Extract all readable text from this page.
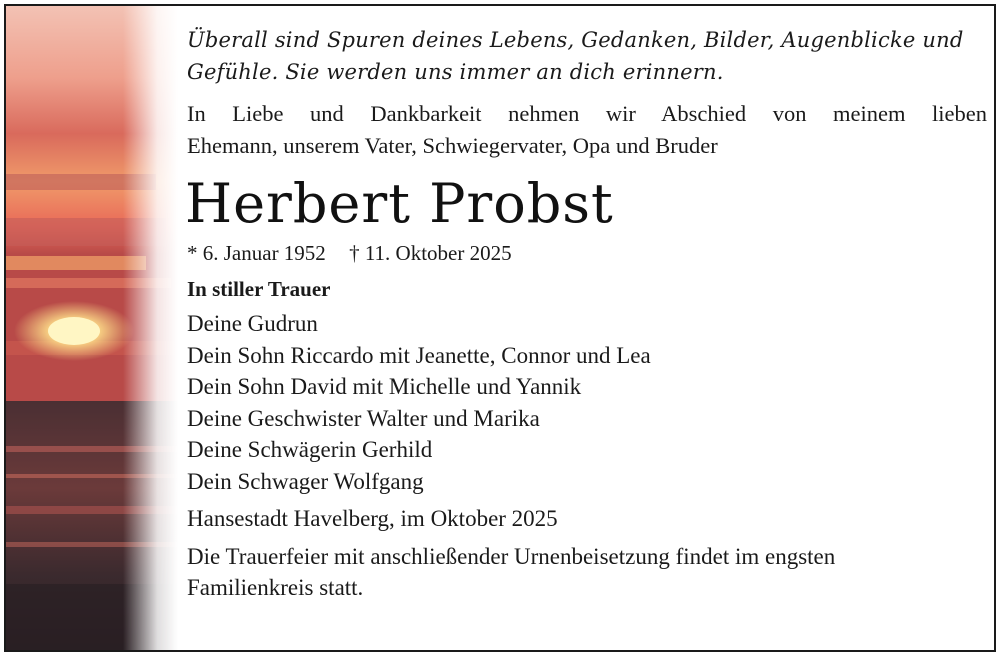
Überall sind Spuren deines Lebens, Gedanken, Bilder, Augenblicke und
Gefühle. Sie werden uns immer an dich erinnern.

In Liebe und Dankbarkeit nehmen wir Abschied von meinem lieben
Ehemann, unserem Vater, Schwiegervater, Opa und Bruder

Herbert Probst

* 6. Januar 1952 † 11. Oktober 2025

In stiller Trauer

Deine Gudrun
Dein Sohn Riccardo mit Jeanette, Connor und Lea
Dein Sohn David mit Michelle und Yannik
Deine Geschwister Walter und Marika
Deine Schwägerin Gerhild
Dein Schwager Wolfgang

Hansestadt Havelberg, im Oktober 2025

Die Trauerfeier mit anschließender Urnenbeisetzung findet im engsten
Familienkreis statt.
